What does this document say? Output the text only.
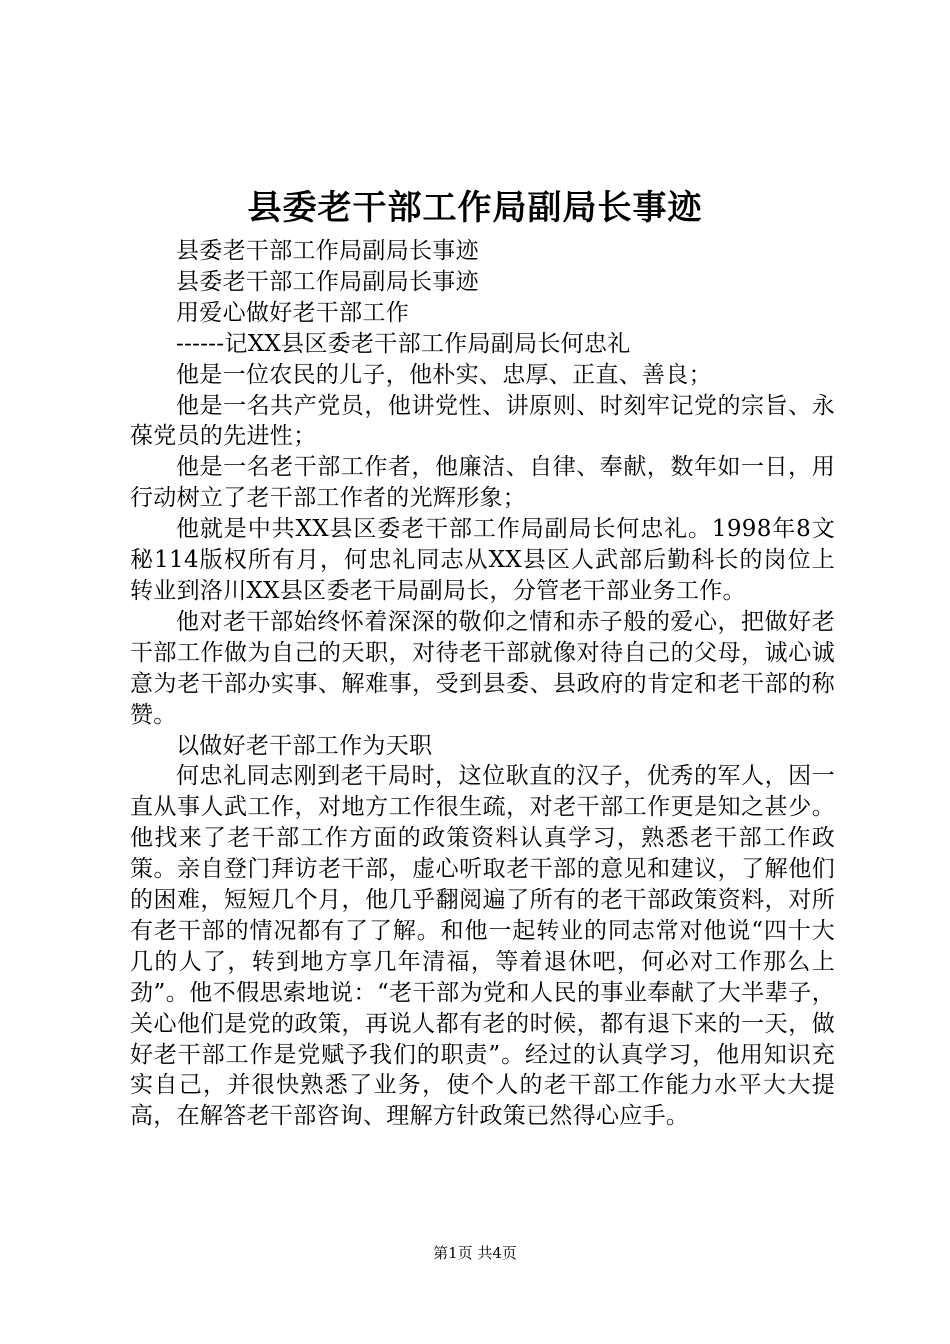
县委老干部工作局副局长事迹

县委老干部工作局副局长事迹

县委老干部工作局副局长事迹

用爱心做好老干部工作

------记XX县区委老干部工作局副局长何忠礼

他是一位农民的儿子，他朴实、忠厚、正直、善良；

他是一名共产党员，他讲党性、讲原则、时刻牢记党的宗旨、永葆党员的先进性；

他是一名老干部工作者，他廉洁、自律、奉献，数年如一日，用行动树立了老干部工作者的光辉形象；

他就是中共XX县区委老干部工作局副局长何忠礼。1998年8文秘114版权所有月，何忠礼同志从XX县区人武部后勤科长的岗位上转业到洛川XX县区委老干局副局长，分管老干部业务工作。

他对老干部始终怀着深深的敬仰之情和赤子般的爱心，把做好老干部工作做为自己的天职，对待老干部就像对待自己的父母，诚心诚意为老干部办实事、解难事，受到县委、县政府的肯定和老干部的称赞。

以做好老干部工作为天职

何忠礼同志刚到老干局时，这位耿直的汉子，优秀的军人，因一直从事人武工作，对地方工作很生疏，对老干部工作更是知之甚少。他找来了老干部工作方面的政策资料认真学习，熟悉老干部工作政策。亲自登门拜访老干部，虚心听取老干部的意见和建议，了解他们的困难，短短几个月，他几乎翻阅遍了所有的老干部政策资料，对所有老干部的情况都有了了解。和他一起转业的同志常对他说“四十大几的人了，转到地方享几年清福，等着退休吧，何必对工作那么上劲”。他不假思索地说：“老干部为党和人民的事业奉献了大半辈子，关心他们是党的政策，再说人都有老的时候，都有退下来的一天，做好老干部工作是党赋予我们的职责”。经过的认真学习，他用知识充实自己，并很快熟悉了业务，使个人的老干部工作能力水平大大提高，在解答老干部咨询、理解方针政策已然得心应手。

第1页 共4页
